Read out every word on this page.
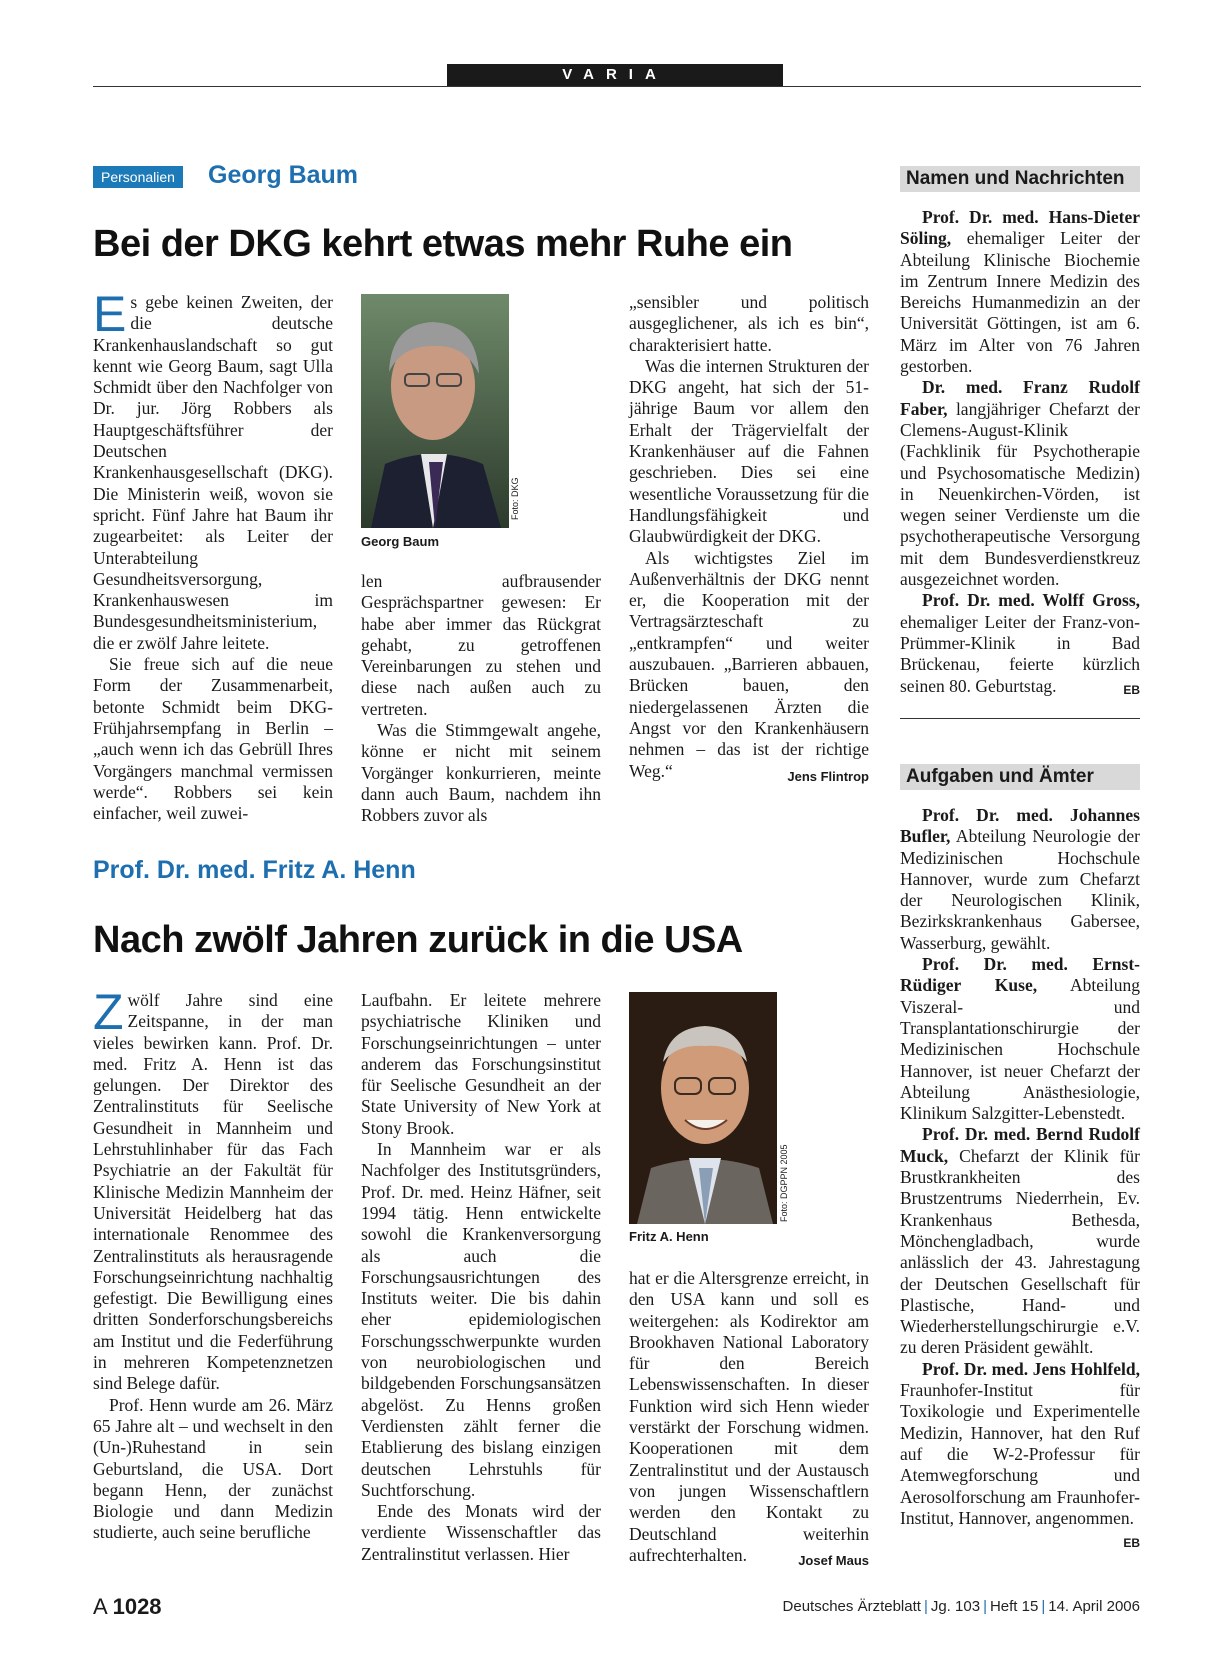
VARIA
Personalien	Georg Baum
Bei der DKG kehrt etwas mehr Ruhe ein

Es gebe keinen Zweiten, der die deutsche Krankenhauslandschaft so gut kennt wie Georg Baum, sagt Ulla Schmidt über den Nachfolger von Dr. jur. Jörg Robbers als Hauptgeschäftsführer der Deutschen Krankenhausgesellschaft (DKG). Die Ministerin weiß, wovon sie spricht. Fünf Jahre hat Baum ihr zugearbeitet: als Leiter der Unterabteilung Gesundheitsversorgung, Krankenhauswesen im Bundesgesundheitsministerium, die er zwölf Jahre leitete.

Sie freue sich auf die neue Form der Zusammenarbeit, betonte Schmidt beim DKG-Frühjahrsempfang in Berlin – „auch wenn ich das Gebrüll Ihres Vorgängers manchmal vermissen werde“. Robbers sei kein einfacher, weil zuwei-

Foto: DKG
Georg Baum

len aufbrausender Gesprächspartner gewesen: Er habe aber immer das Rückgrat gehabt, zu getroffenen Vereinbarungen zu stehen und diese nach außen auch zu vertreten.

Was die Stimmgewalt angehe, könne er nicht mit seinem Vorgänger konkurrieren, meinte dann auch Baum, nachdem ihn Robbers zuvor als

„sensibler und politisch ausgeglichener, als ich es bin“, charakterisiert hatte.

Was die internen Strukturen der DKG angeht, hat sich der 51-jährige Baum vor allem den Erhalt der Trägervielfalt der Krankenhäuser auf die Fahnen geschrieben. Dies sei eine wesentliche Voraussetzung für die Handlungsfähigkeit und Glaubwürdigkeit der DKG.

Als wichtigstes Ziel im Außenverhältnis der DKG nennt er, die Kooperation mit der Vertragsärzteschaft zu „entkrampfen“ und weiter auszubauen. „Barrieren abbauen, Brücken bauen, den niedergelassenen Ärzten die Angst vor den Krankenhäusern nehmen – das ist der richtige Weg.“	Jens Flintrop

Prof. Dr. med. Fritz A. Henn
Nach zwölf Jahren zurück in die USA

Zwölf Jahre sind eine Zeitspanne, in der man vieles bewirken kann. Prof. Dr. med. Fritz A. Henn ist das gelungen. Der Direktor des Zentralinstituts für Seelische Gesundheit in Mannheim und Lehrstuhlinhaber für das Fach Psychiatrie an der Fakultät für Klinische Medizin Mannheim der Universität Heidelberg hat das internationale Renommee des Zentralinstituts als herausragende Forschungseinrichtung nachhaltig gefestigt. Die Bewilligung eines dritten Sonderforschungsbereichs am Institut und die Federführung in mehreren Kompetenznetzen sind Belege dafür.

Prof. Henn wurde am 26. März 65 Jahre alt – und wechselt in den (Un-)Ruhestand in sein Geburtsland, die USA. Dort begann Henn, der zunächst Biologie und dann Medizin studierte, auch seine berufliche

Laufbahn. Er leitete mehrere psychiatrische Kliniken und Forschungseinrichtungen – unter anderem das Forschungsinstitut für Seelische Gesundheit an der State University of New York at Stony Brook.

In Mannheim war er als Nachfolger des Institutsgründers, Prof. Dr. med. Heinz Häfner, seit 1994 tätig. Henn entwickelte sowohl die Krankenversorgung als auch die Forschungsausrichtungen des Instituts weiter. Die bis dahin eher epidemiologischen Forschungsschwerpunkte wurden von neurobiologischen und bildgebenden Forschungsansätzen abgelöst. Zu Henns großen Verdiensten zählt ferner die Etablierung des bislang einzigen deutschen Lehrstuhls für Suchtforschung.

Ende des Monats wird der verdiente Wissenschaftler das Zentralinstitut verlassen. Hier

Foto: DGPPN 2005
Fritz A. Henn

hat er die Altersgrenze erreicht, in den USA kann und soll es weitergehen: als Kodirektor am Brookhaven National Laboratory für den Bereich Lebenswissenschaften. In dieser Funktion wird sich Henn wieder verstärkt der Forschung widmen. Kooperationen mit dem Zentralinstitut und der Austausch von jungen Wissenschaftlern werden den Kontakt zu Deutschland weiterhin aufrechterhalten.	Josef Maus

Namen und Nachrichten

Prof. Dr. med. Hans-Dieter Söling, ehemaliger Leiter der Abteilung Klinische Biochemie im Zentrum Innere Medizin des Bereichs Humanmedizin an der Universität Göttingen, ist am 6. März im Alter von 76 Jahren gestorben.

Dr. med. Franz Rudolf Faber, langjähriger Chefarzt der Clemens-August-Klinik (Fachklinik für Psychotherapie und Psychosomatische Medizin) in Neuenkirchen-Vörden, ist wegen seiner Verdienste um die psychotherapeutische Versorgung mit dem Bundesverdienstkreuz ausgezeichnet worden.

Prof. Dr. med. Wolff Gross, ehemaliger Leiter der Franz-von-Prümmer-Klinik in Bad Brückenau, feierte kürzlich seinen 80. Geburtstag.	EB

Aufgaben und Ämter

Prof. Dr. med. Johannes Bufler, Abteilung Neurologie der Medizinischen Hochschule Hannover, wurde zum Chefarzt der Neurologischen Klinik, Bezirkskrankenhaus Gabersee, Wasserburg, gewählt.

Prof. Dr. med. Ernst-Rüdiger Kuse, Abteilung Viszeral- und Transplantationschirurgie der Medizinischen Hochschule Hannover, ist neuer Chefarzt der Abteilung Anästhesiologie, Klinikum Salzgitter-Lebenstedt.

Prof. Dr. med. Bernd Rudolf Muck, Chefarzt der Klinik für Brustkrankheiten des Brustzentrums Niederrhein, Ev. Krankenhaus Bethesda, Mönchengladbach, wurde anlässlich der 43. Jahrestagung der Deutschen Gesellschaft für Plastische, Hand- und Wiederherstellungschirurgie e.V. zu deren Präsident gewählt.

Prof. Dr. med. Jens Hohlfeld, Fraunhofer-Institut für Toxikologie und Experimentelle Medizin, Hannover, hat den Ruf auf die W-2-Professur für Atemwegforschung und Aerosolforschung am Fraunhofer-Institut, Hannover, angenommen.
EB

A 1028	Deutsches Ärzteblatt | Jg. 103 | Heft 15 | 14. April 2006
